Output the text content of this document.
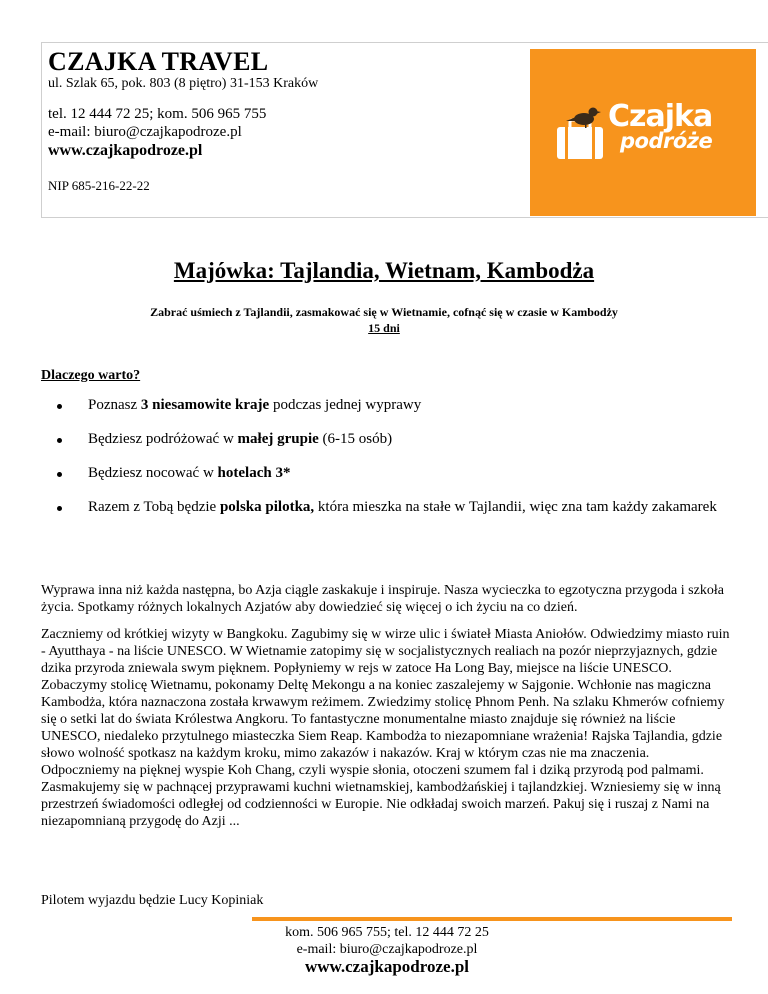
CZAJKA TRAVEL
ul. Szlak 65, pok. 803 (8 piętro) 31-153 Kraków
tel. 12 444 72 25; kom. 506 965 755
e-mail: biuro@czajkapodroze.pl
www.czajkapodroze.pl
NIP 685-216-22-22
Czajka
podróże
Majówka: Tajlandia, Wietnam, Kambodża
Zabrać uśmiech z Tajlandii, zasmakować się w Wietnamie, cofnąć się w czasie w Kambodży
15 dni
Dlaczego warto?
Poznasz 3 niesamowite kraje podczas jednej wyprawy
Będziesz podróżować w małej grupie (6-15 osób)
Będziesz nocować w hotelach 3*
Razem z Tobą będzie polska pilotka, która mieszka na stałe w Tajlandii, więc zna tam każdy zakamarek

Wyprawa inna niż każda następna, bo Azja ciągle zaskakuje i inspiruje. Nasza wycieczka to egzotyczna przygoda i szkoła życia. Spotkamy różnych lokalnych Azjatów aby dowiedzieć się więcej o ich życiu na co dzień.

Zaczniemy od krótkiej wizyty w Bangkoku. Zagubimy się w wirze ulic i świateł Miasta Aniołów. Odwiedzimy miasto ruin - Ayutthaya - na liście UNESCO. W Wietnamie zatopimy się w socjalistycznych realiach na pozór nieprzyjaznych, gdzie dzika przyroda zniewala swym pięknem. Popłyniemy w rejs w zatoce Ha Long Bay, miejsce na liście UNESCO. Zobaczymy stolicę Wietnamu, pokonamy Deltę Mekongu a na koniec zaszalejemy w Sajgonie. Wchłonie nas magiczna Kambodża, która naznaczona została krwawym reżimem. Zwiedzimy stolicę Phnom Penh. Na szlaku Khmerów cofniemy się o setki lat do świata Królestwa Angkoru. To fantastyczne monumentalne miasto znajduje się również na liście UNESCO, niedaleko przytulnego miasteczka Siem Reap. Kambodża to niezapomniane wrażenia! Rajska Tajlandia, gdzie słowo wolność spotkasz na każdym kroku, mimo zakazów i nakazów. Kraj w którym czas nie ma znaczenia. Odpoczniemy na pięknej wyspie Koh Chang, czyli wyspie słonia, otoczeni szumem fal i dziką przyrodą pod palmami. Zasmakujemy się w pachnącej przyprawami kuchni wietnamskiej, kambodżańskiej i tajlandzkiej. Wzniesiemy się w inną przestrzeń świadomości odległej od codzienności w Europie. Nie odkładaj swoich marzeń. Pakuj się i ruszaj z Nami na niezapomnianą przygodę do Azji ...

Pilotem wyjazdu będzie Lucy Kopiniak
kom. 506 965 755; tel. 12 444 72 25
e-mail: biuro@czajkapodroze.pl
www.czajkapodroze.pl
